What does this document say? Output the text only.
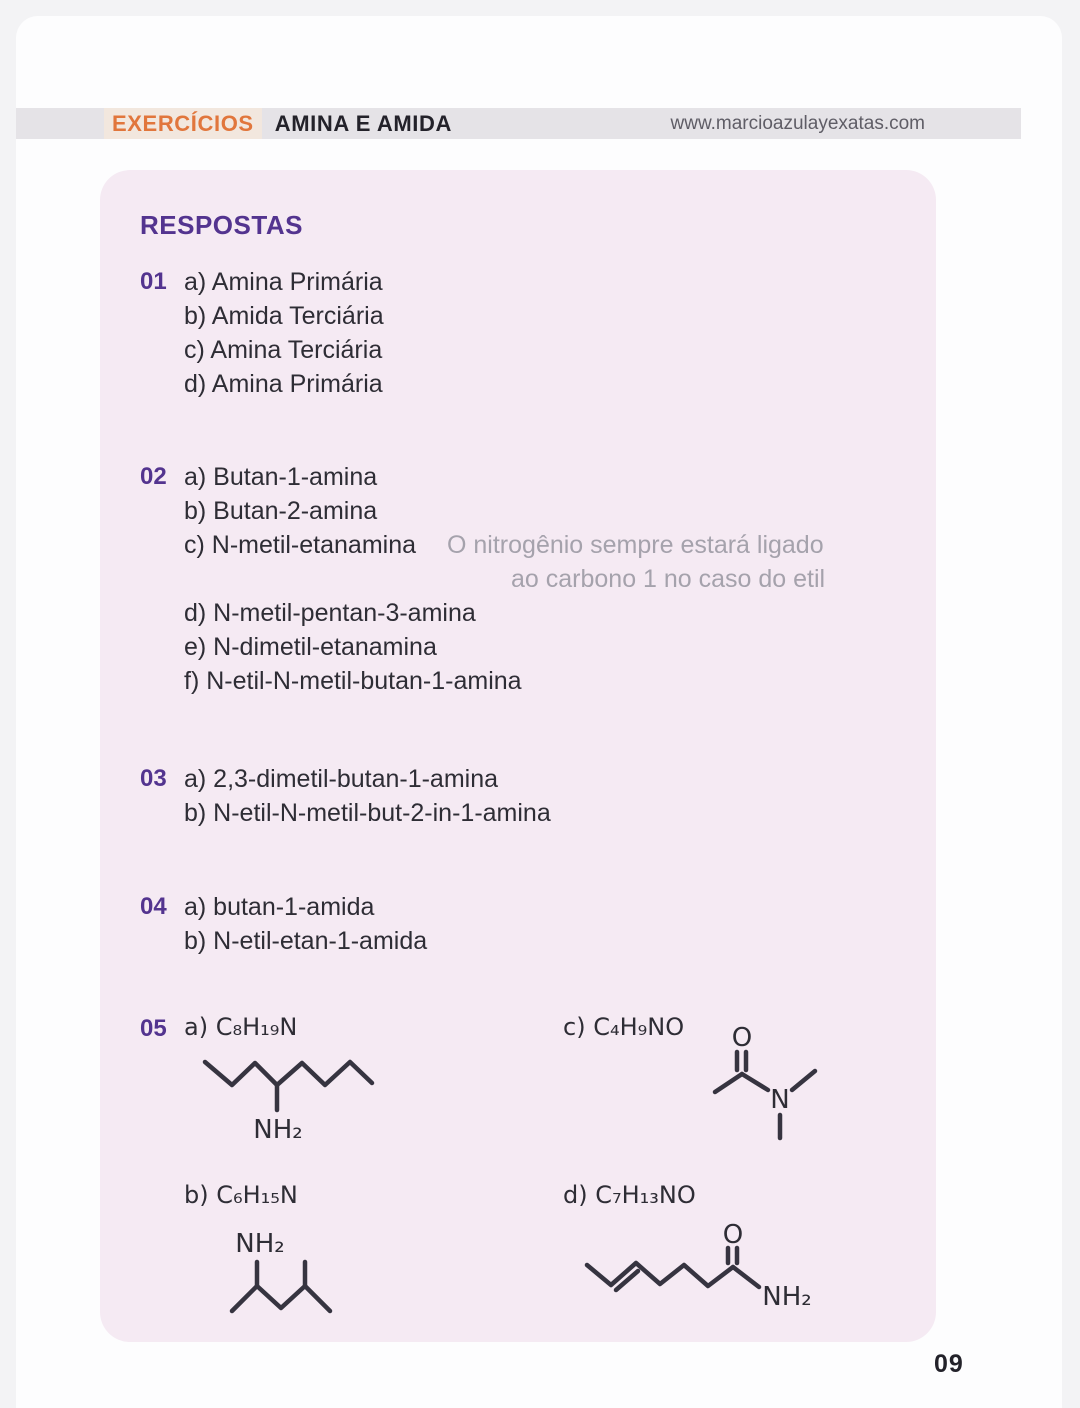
EXERCÍCIOS AMINA E AMIDA	www.marcioazulayexatas.com
RESPOSTAS
01 a) Amina Primária
b) Amida Terciária
c) Amina Terciária
d) Amina Primária
02 a) Butan-1-amina
b) Butan-2-amina
c) N-metil-etanamina O nitrogênio sempre estará ligado
ao carbono 1 no caso do etil
d) N-metil-pentan-3-amina
e) N-dimetil-etanamina
f) N-etil-N-metil-butan-1-amina
03 a) 2,3-dimetil-butan-1-amina
b) N-etil-N-metil-but-2-in-1-amina
04 a) butan-1-amida
b) N-etil-etan-1-amida
05 a) C₈H₁₉N
NH₂
c) C₄H₉NO	O
N
b) C₆H₁₅N
NH₂
d) C₇H₁₃NO
O
NH₂
09
